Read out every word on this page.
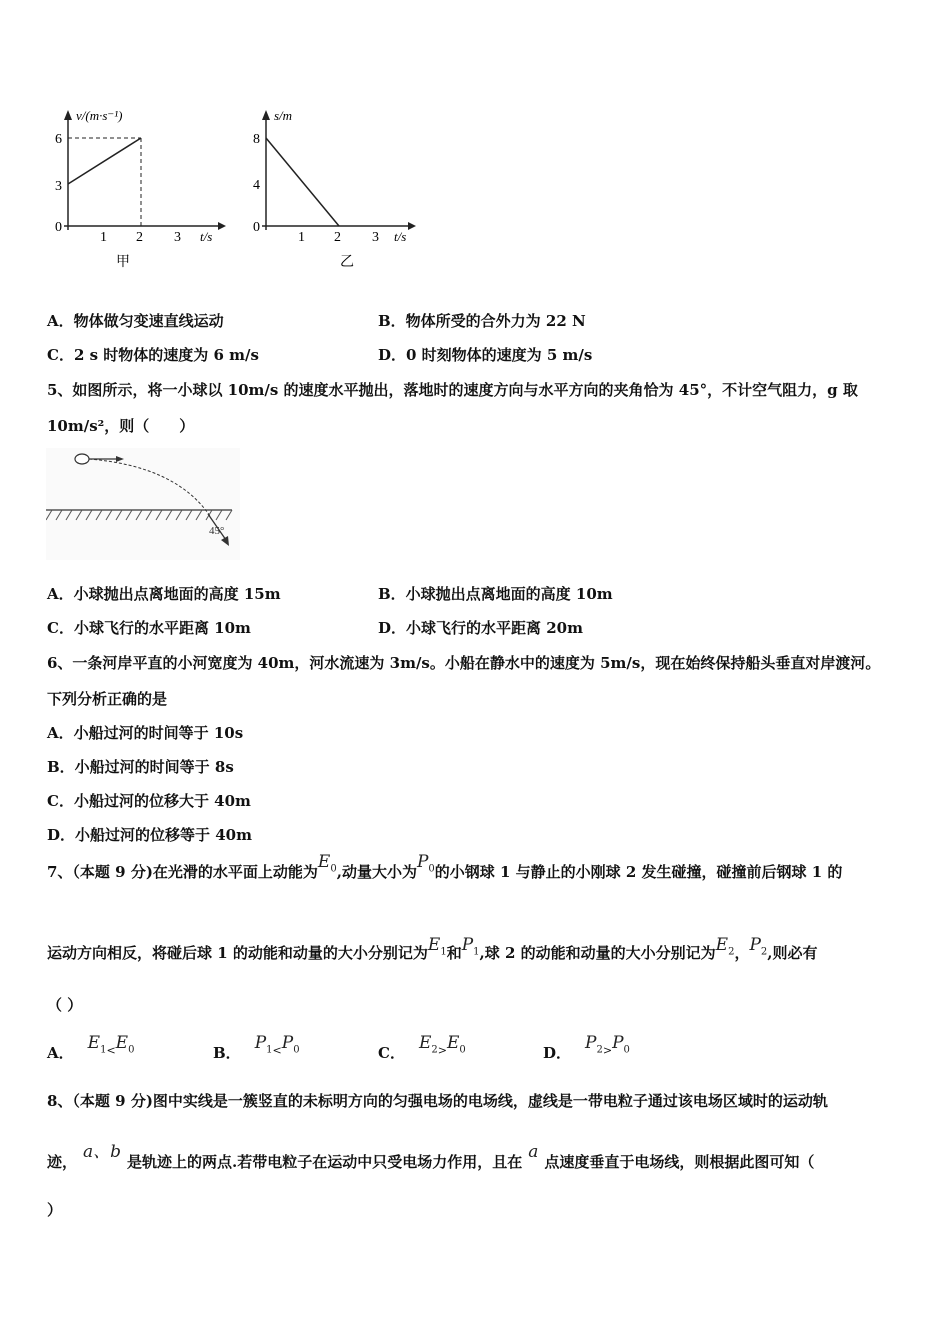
v/(m·s⁻¹)
6
3
0
1 2 3 t/s
甲
s/m
8
4
0
1 2 3 t/s
乙
A．物体做匀变速直线运动	B．物体所受的合外力为 22 N
C．2 s 时物体的速度为 6 m/s	D．0 时刻物体的速度为 5 m/s
5、如图所示，将一小球以 10m/s 的速度水平抛出，落地时的速度方向与水平方向的夹角恰为 45°，不计空气阻力，g 取
10m/s²，则（　　）
45°
A．小球抛出点离地面的高度 15m	B．小球抛出点离地面的高度 10m
C．小球飞行的水平距离 10m	D．小球飞行的水平距离 20m
6、一条河岸平直的小河宽度为 40m，河水流速为 3m/s。小船在静水中的速度为 5m/s，现在始终保持船头垂直对岸渡河。
下列分析正确的是
A．小船过河的时间等于 10s
B．小船过河的时间等于 8s
C．小船过河的位移大于 40m
D．小船过河的位移等于 40m
7、（本题 9 分)在光滑的水平面上动能为$E_0$,动量大小为$P_0$的小钢球 1 与静止的小刚球 2 发生碰撞，碰撞前后钢球 1 的
运动方向相反，将碰后球 1 的动能和动量的大小分别记为$E_1$和$P_1$,球 2 的动能和动量的大小分别记为$E_2$，$P_2$,则必有
（ ）
A． $E_{1<}E_0$	B． $P_{1<}P_0$	C． $E_{2>}E_0$	D． $P_{2>}P_0$
8、（本题 9 分)图中实线是一簇竖直的未标明方向的匀强电场的电场线，虚线是一带电粒子通过该电场区域时的运动轨
迹， a、b 是轨迹上的两点.若带电粒子在运动中只受电场力作用，且在 a 点速度垂直于电场线，则根据此图可知（
）
